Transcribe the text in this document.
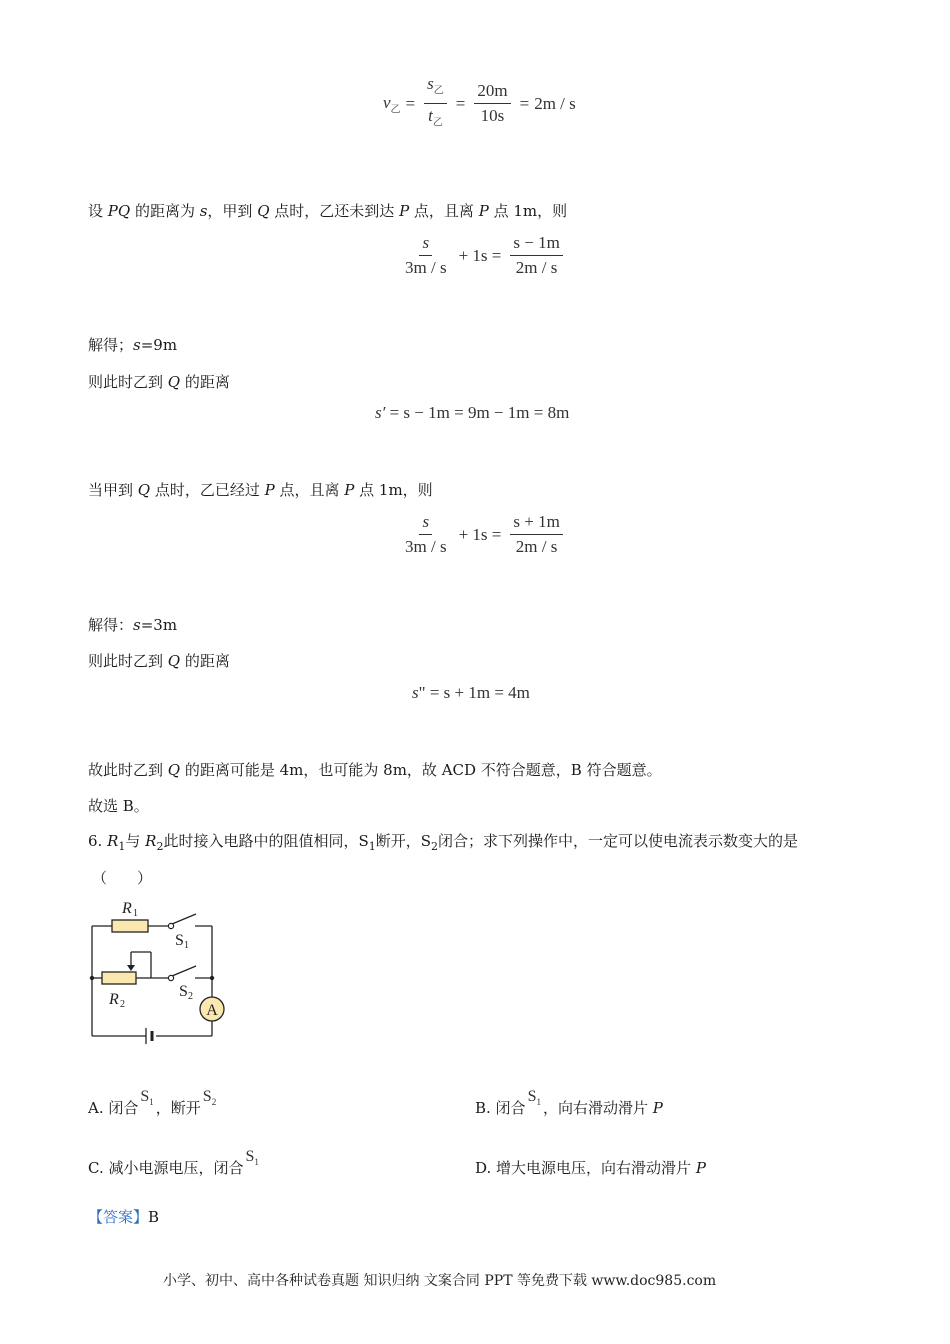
$v_乙 = \frac{s_乙}{t_乙} = \frac{20m}{10s} = 2m / s$
设 PQ 的距离为 s，甲到 Q 点时，乙还未到达 P 点，且离 P 点 1m，则
$\frac{s}{3m / s} + 1s = \frac{s - 1m}{2m / s}$
解得；s=9m
则此时乙到 Q 的距离
s′ = s − 1m = 9m − 1m = 8m
当甲到 Q 点时，乙已经过 P 点，且离 P 点 1m，则
$\frac{s}{3m / s} + 1s = \frac{s + 1m}{2m / s}$
解得：s=3m
则此时乙到 Q 的距离
s" = s + 1m = 4m
故此时乙到 Q 的距离可能是 4m，也可能为 8m，故 ACD 不符合题意，B 符合题意。
故选 B。
6. $R_1$与 $R_2$此时接入电路中的阻值相同，$S_1$断开，$S_2$闭合；求下列操作中，一定可以使电流表示数变大的是
（　　）
A
R 1
S 1
R 2
S 2
A. 闭合$S_1$ ，断开$S_2$	B. 闭合$S_1$ ，向右滑动滑片 P
C. 减小电源电压，闭合$S_1$	D. 增大电源电压，向右滑动滑片 P
【答案】B
小学、初中、高中各种试卷真题 知识归纳 文案合同 PPT 等免费下载 www.doc985.com
